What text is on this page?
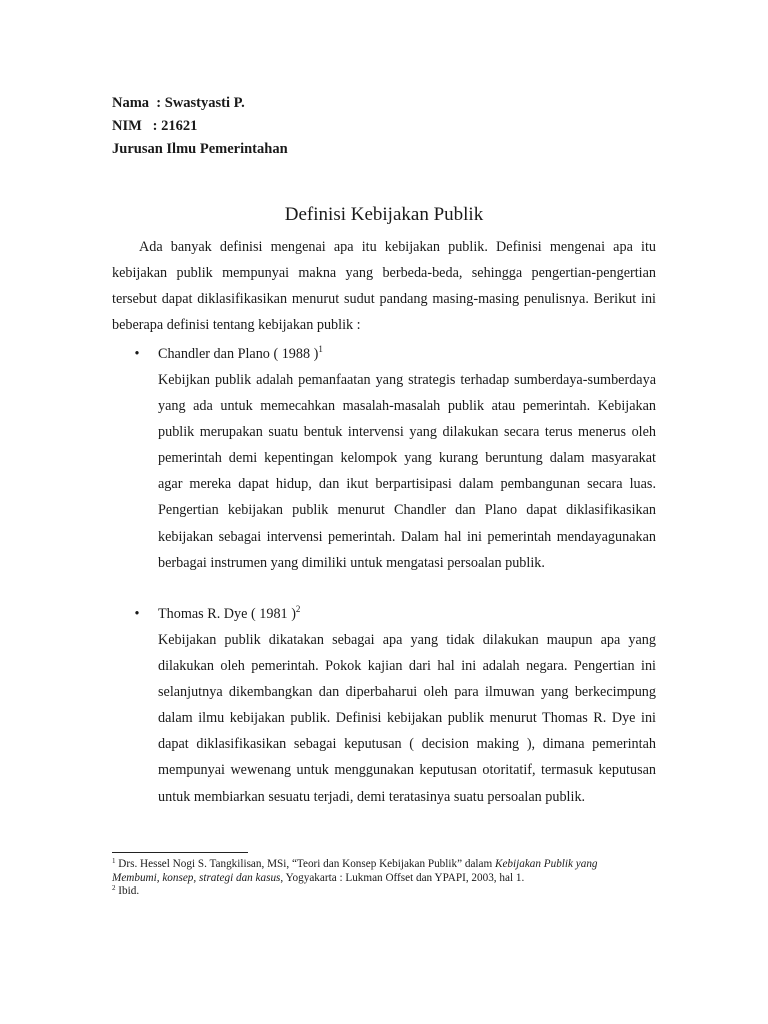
Nama  : Swastyasti P.
NIM   : 21621
Jurusan Ilmu Pemerintahan
Definisi Kebijakan Publik

Ada banyak definisi mengenai apa itu kebijakan publik. Definisi mengenai apa itu kebijakan publik mempunyai makna yang berbeda-beda, sehingga pengertian-pengertian tersebut dapat diklasifikasikan menurut sudut pandang masing-masing penulisnya. Berikut ini beberapa definisi tentang kebijakan publik :

• Chandler dan Plano ( 1988 )$^1$

Kebijkan publik adalah pemanfaatan yang strategis terhadap sumberdaya-sumberdaya yang ada untuk memecahkan masalah-masalah publik atau pemerintah. Kebijakan publik merupakan suatu bentuk intervensi yang dilakukan secara terus menerus oleh pemerintah demi kepentingan kelompok yang kurang beruntung dalam masyarakat agar mereka dapat hidup, dan ikut berpartisipasi dalam pembangunan secara luas. Pengertian kebijakan publik menurut Chandler dan Plano dapat diklasifikasikan kebijakan sebagai intervensi pemerintah. Dalam hal ini pemerintah mendayagunakan berbagai instrumen yang dimiliki untuk mengatasi persoalan publik.

• Thomas R. Dye ( 1981 )$^2$

Kebijakan publik dikatakan sebagai apa yang tidak dilakukan maupun apa yang dilakukan oleh pemerintah. Pokok kajian dari hal ini adalah negara. Pengertian ini selanjutnya dikembangkan dan diperbaharui oleh para ilmuwan yang berkecimpung dalam ilmu kebijakan publik. Definisi kebijakan publik menurut Thomas R. Dye ini dapat diklasifikasikan sebagai keputusan ( decision making ), dimana pemerintah mempunyai wewenang untuk menggunakan keputusan otoritatif, termasuk keputusan untuk membiarkan sesuatu terjadi, demi teratasinya suatu persoalan publik.

$^1$ Drs. Hessel Nogi S. Tangkilisan, MSi, “Teori dan Konsep Kebijakan Publik” dalam Kebijakan Publik yang Membumi, konsep, strategi dan kasus, Yogyakarta : Lukman Offset dan YPAPI, 2003, hal 1.

$^2$ Ibid.
